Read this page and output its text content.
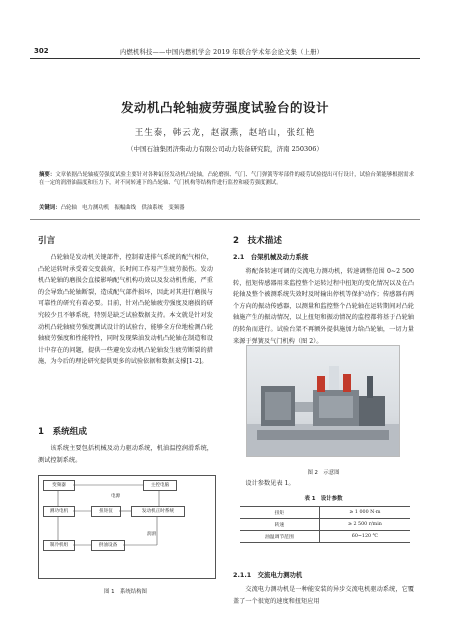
302	内燃机科技——中国内燃机学会 2019 年联合学术年会论文集（上册）
发动机凸轮轴疲劳强度试验台的设计
王生泰，韩云龙，赵淑燕，赵培山，张红艳
（中国石油集团济柴动力有限公司动力装备研究院，济南 250306）
摘要：文章依据凸轮轴疲劳强度试验主要针对各种缸径发动机凸轮轴，凸轮磨损、气门、气门弹簧等零部件的疲劳试验提出可行设计，试验台架能够根据需求在一定的润滑油温度和压力下，对不同转速下的凸轮轴、气门机构等结构件进行监控和疲劳强度测试。
关键词：凸轮轴　电力测功机　振幅曲线　供油系统　变频器
引言
凸轮轴是发动机关键部件，控制着进排气系统的配气相位，凸轮运转时承受着交变载荷，长时间工作易产生疲劳损伤。发动机凸轮轴的磨损会直接影响配气机构功效以及发动机性能，严重的会导致凸轮轴断裂，造成配气部件损坏，因此对其进行磨损与可靠性的研究有着必要。目前，针对凸轮轴疲劳强度及磨损的研究较少且不够系统，特别是缺乏试验数据支持。本文就是针对发动机凸轮轴疲劳强度测试设计的试验台，能够全方位地检测凸轮轴疲劳强度和性能特性，同时发现柴油发动机凸轮轴在制造和设计中存在的问题，提供一些避免发动机凸轮轴发生疲劳断裂的措施，为今后的理论研究提供更多的试验依据和数据支撑[1-2]。
1　系统组成
该系统主要包括机械及动力驱动系统，机油温控润滑系统，测试控制系统。
变频器	主控电脑
电源
测功电机	扭矩仪	发动机正时系统
润滑
制冷机组	供油设备
图 1　系统结构图
2　技术描述
2.1　台架机械及动力系统
将配备转速可调的交流电力测功机，转速调整范围 0~2 500 转，扭矩传感器用来监控整个运转过程中扭矩的变化情况以及在凸轮轴及整个被测系统失效时及时输出停机等保护动作；传感器有两个方向的振动传感器，以测量和监控整个凸轮轴在运转期间对凸轮轴施产生的振动情况，以上扭矩和振动情况的监控都将基于凸轮轴的转角而进行。试验台架不再额外提供施加力给凸轮轴，一切力量来源于弹簧及气门机构（图 2）。
图 2　示意图
设计参数见表 1。
表 1　设计参数
扭矩	≥ 1 000 N·m
转速	≥ 2 500 r/min
油温调节范围	60~120 ℃
2.1.1　交流电力测功机
交流电力测功机是一种能安装的异步交流电机驱动系统，它覆盖了一个很宽的速度和扭矩应用
